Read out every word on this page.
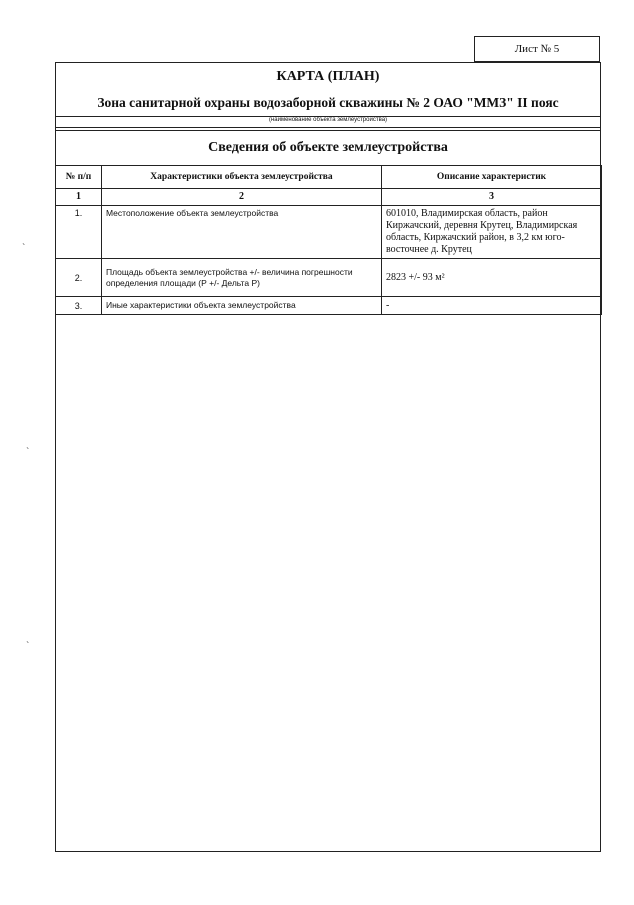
Лист № 5
КАРТА (ПЛАН)
Зона санитарной охраны водозаборной скважины № 2 ОАО "ММЗ" II пояс
(наименование объекта землеустройства)
Сведения об объекте землеустройства
№ п/п	Характеристики объекта землеустройства	Описание характеристик
1	2	3
1.	Местоположение объекта землеустройства	601010, Владимирская область, район Киржачский, деревня Крутец, Владимирская область, Киржачский район, в 3,2 км юго-восточнее д. Крутец
2.	Площадь объекта землеустройства +/- величина погрешности определения площади (Р +/- Дельта Р)	2823 +/- 93 м²
3.	Иные характеристики объекта землеустройства	-
˴
˴
˴
